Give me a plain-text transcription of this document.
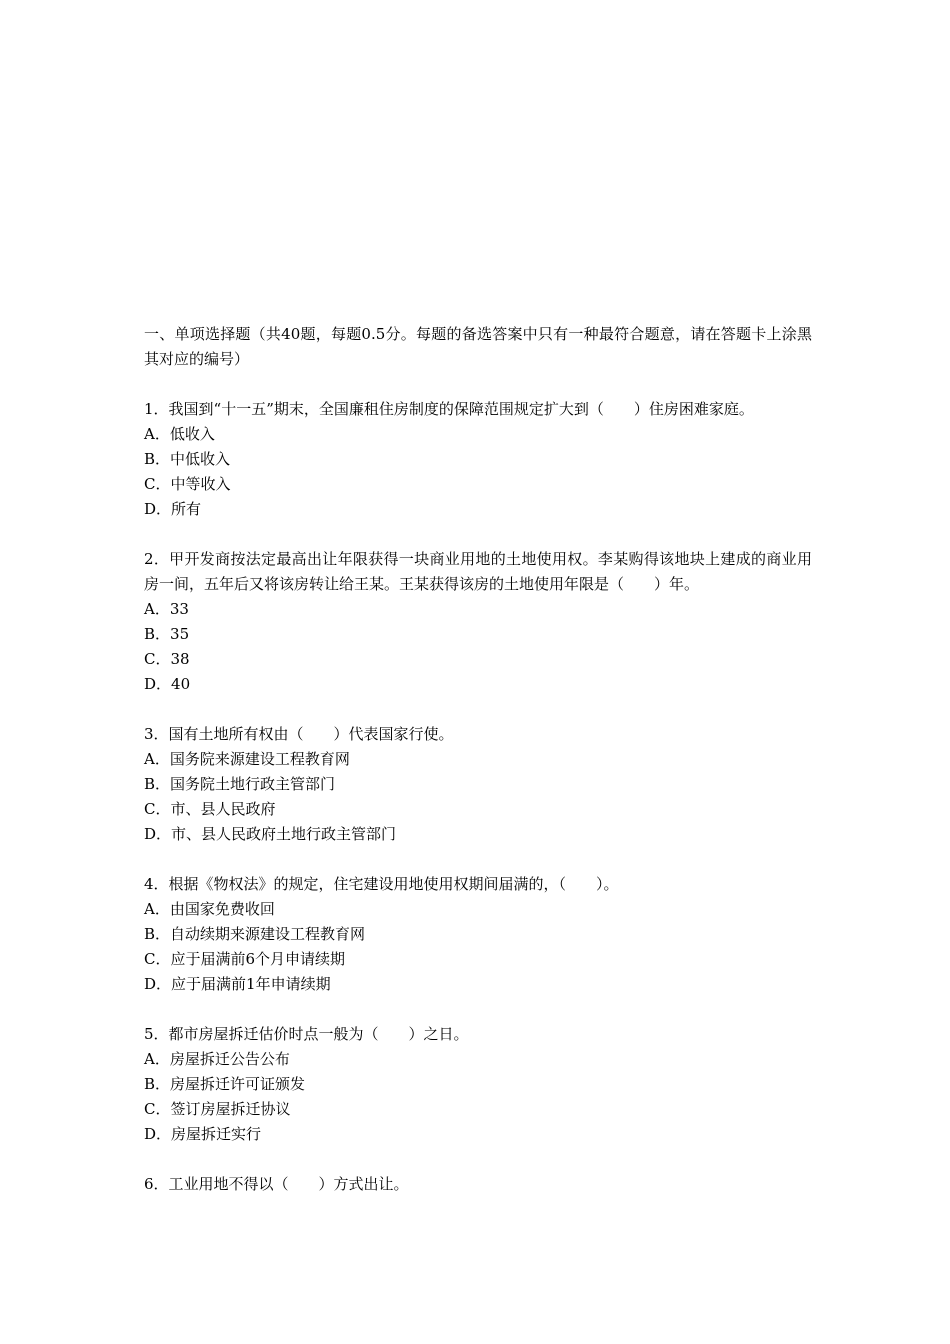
一、单项选择题（共40题，每题0.5分。每题的备选答案中只有一种最符合题意，请在答题卡上涂黑其对应的编号）

1．我国到“十一五”期末，全国廉租住房制度的保障范围规定扩大到（　　）住房困难家庭。

A．低收入

B．中低收入

C．中等收入

D．所有

2．甲开发商按法定最高出让年限获得一块商业用地的土地使用权。李某购得该地块上建成的商业用房一间，五年后又将该房转让给王某。王某获得该房的土地使用年限是（　　）年。

A．33

B．35

C．38

D．40

3．国有土地所有权由（　　）代表国家行使。

A．国务院来源建设工程教育网

B．国务院土地行政主管部门

C．市、县人民政府

D．市、县人民政府土地行政主管部门

4．根据《物权法》的规定，住宅建设用地使用权期间届满的，（　　）。

A．由国家免费收回

B．自动续期来源建设工程教育网

C．应于届满前6个月申请续期

D．应于届满前1年申请续期

5．都市房屋拆迁估价时点一般为（　　）之日。

A．房屋拆迁公告公布

B．房屋拆迁许可证颁发

C．签订房屋拆迁协议

D．房屋拆迁实行

6．工业用地不得以（　　）方式出让。
